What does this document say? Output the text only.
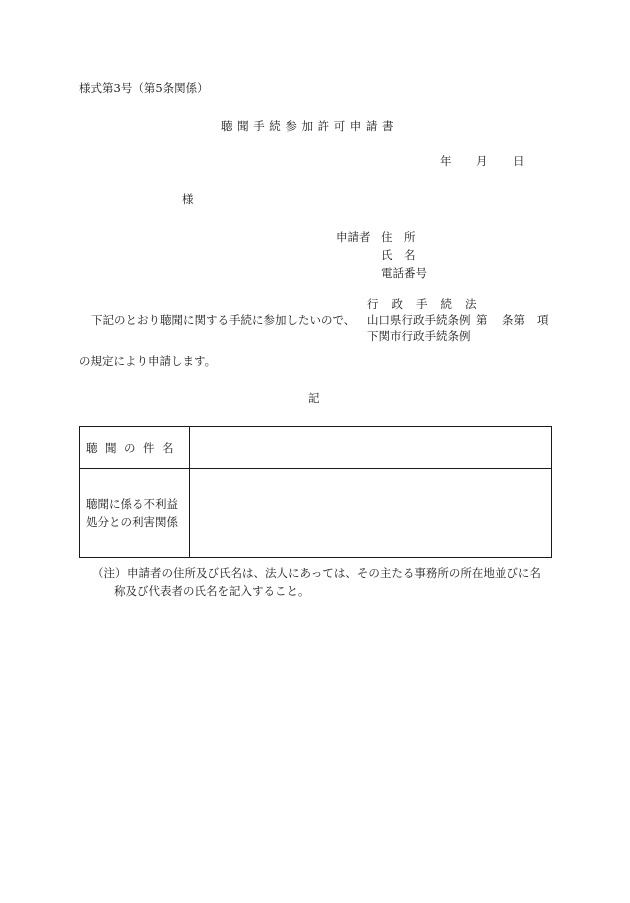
様式第3号（第5条関係）
聴聞手続参加許可申請書
年 月 日
様
申請者 住　所
氏　名
電話番号
行政手続法
下記のとおり聴聞に関する手続に参加したいので、 山口県行政手続条例 第 条第 項
下関市行政手続条例
の規定により申請します。
記
聴聞の件名	

聴聞に係る不利益
処分との利害関係	

（注） 申請者の住所及び氏名は、法人にあっては、その主たる事務所の所在地並びに名
称及び代表者の氏名を記入すること。
